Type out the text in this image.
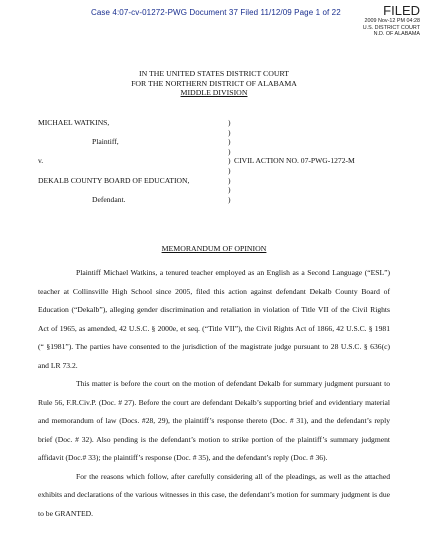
Case 4:07-cv-01272-PWG Document 37 Filed 11/12/09 Page 1 of 22	FILED
2009 Nov-12 PM 04:28
U.S. DISTRICT COURT
N.D. OF ALABAMA
IN THE UNITED STATES DISTRICT COURT
FOR THE NORTHERN DISTRICT OF ALABAMA
MIDDLE DIVISION
MICHAEL WATKINS,	)
)
Plaintiff,	)
)
v.	) CIVIL ACTION NO. 07-PWG-1272-M
)
DEKALB COUNTY BOARD OF EDUCATION,	)
)
Defendant.	)
MEMORANDUM OF OPINION

Plaintiff Michael Watkins, a tenured teacher employed as an English as a Second Language (“ESL”) teacher at Collinsville High School since 2005, filed this action against defendant Dekalb County Board of Education (“Dekalb”), alleging gender discrimination and retaliation in violation of Title VII of the Civil Rights Act of 1965, as amended, 42 U.S.C. § 2000e, et seq. (“Title VII”), the Civil Rights Act of 1866, 42 U.S.C. § 1981 (“ §1981”). The parties have consented to the jurisdiction of the magistrate judge pursuant to 28 U.S.C. § 636(c) and LR 73.2.

This matter is before the court on the motion of defendant Dekalb for summary judgment pursuant to Rule 56, F.R.Civ.P. (Doc. # 27). Before the court are defendant Dekalb’s supporting brief and evidentiary material and memorandum of law (Docs. #28, 29), the plaintiff’s response thereto (Doc. # 31), and the defendant’s reply brief (Doc. # 32). Also pending is the defendant’s motion to strike portion of the plaintiff’s summary judgment affidavit (Doc.# 33); the plaintiff’s response (Doc. # 35), and the defendant’s reply (Doc. # 36).

For the reasons which follow, after carefully considering all of the pleadings, as well as the attached exhibits and declarations of the various witnesses in this case, the defendant’s motion for summary judgment is due to be GRANTED.
